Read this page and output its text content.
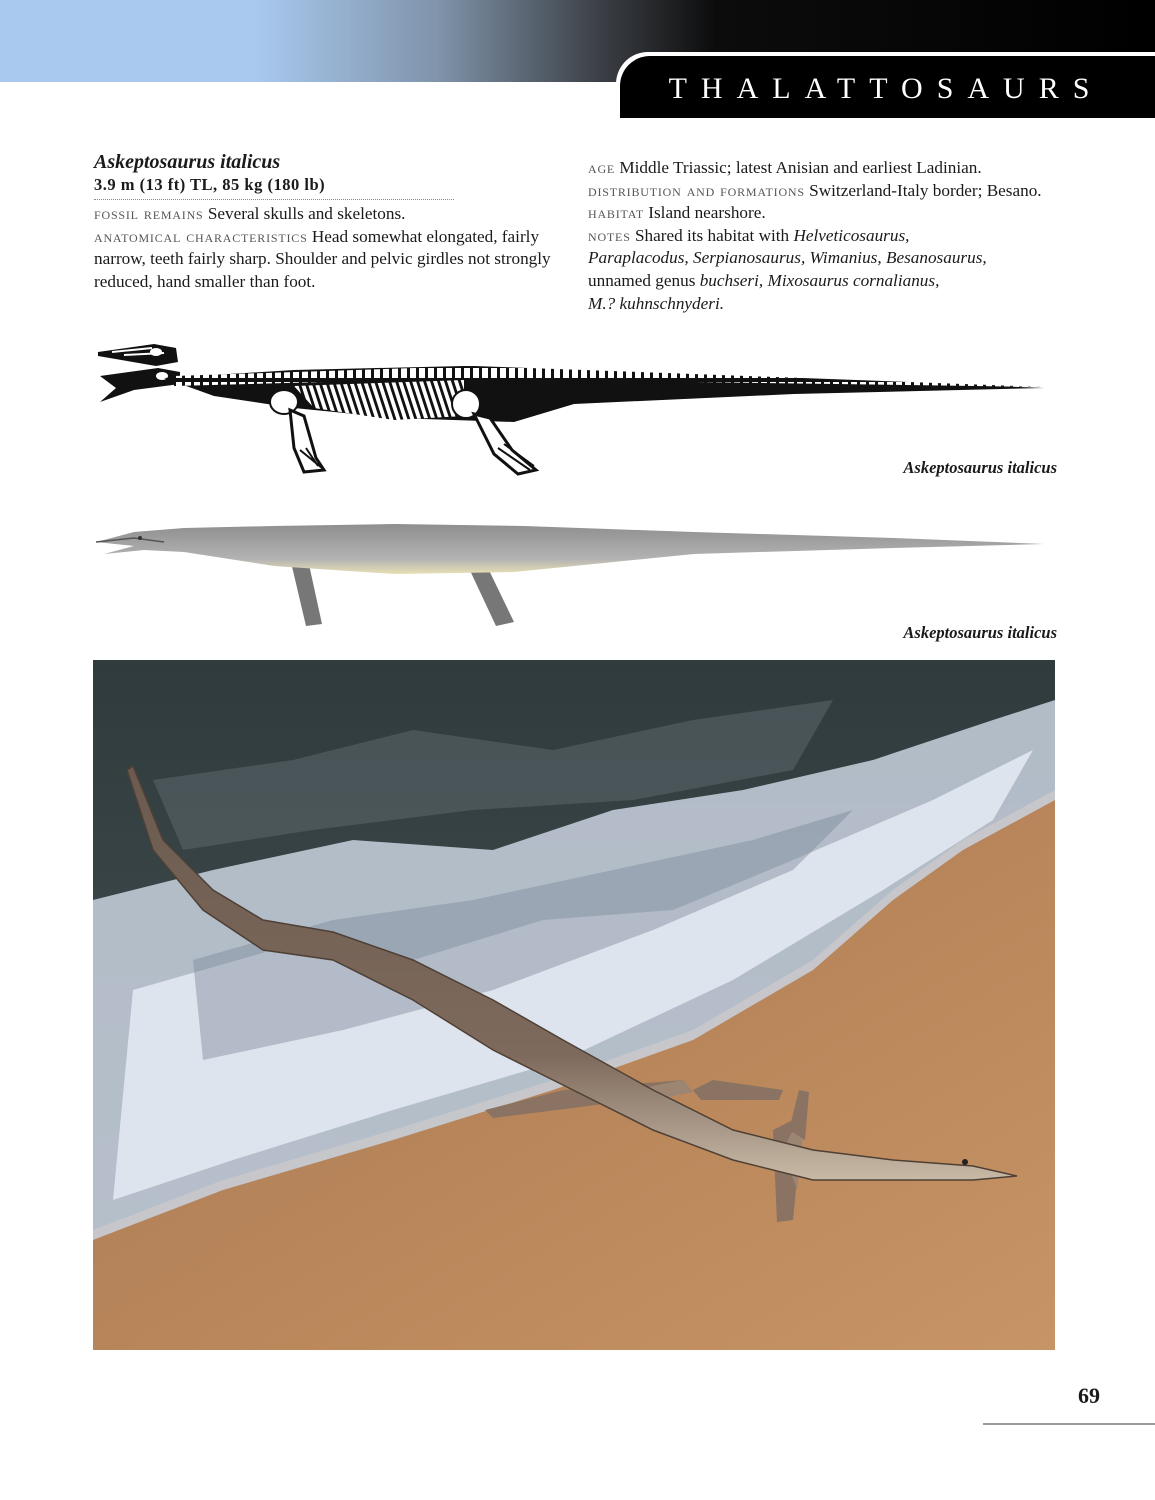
THALATTOSAURS
Askeptosaurus italicus
3.9 m (13 ft) TL, 85 kg (180 lb)
fossil remains Several skulls and skeletons.
anatomical characteristics Head somewhat elongated, fairly narrow, teeth fairly sharp. Shoulder and pelvic girdles not strongly reduced, hand smaller than foot.
age Middle Triassic; latest Anisian and earliest Ladinian.
distribution and formations Switzerland-Italy border; Besano.
habitat Island nearshore.
notes Shared its habitat with Helveticosaurus,
Paraplacodus, Serpianosaurus, Wimanius, Besanosaurus,
unnamed genus buchseri, Mixosaurus cornalianus,
M.? kuhnschnyderi.
Askeptosaurus italicus
Askeptosaurus italicus
69
